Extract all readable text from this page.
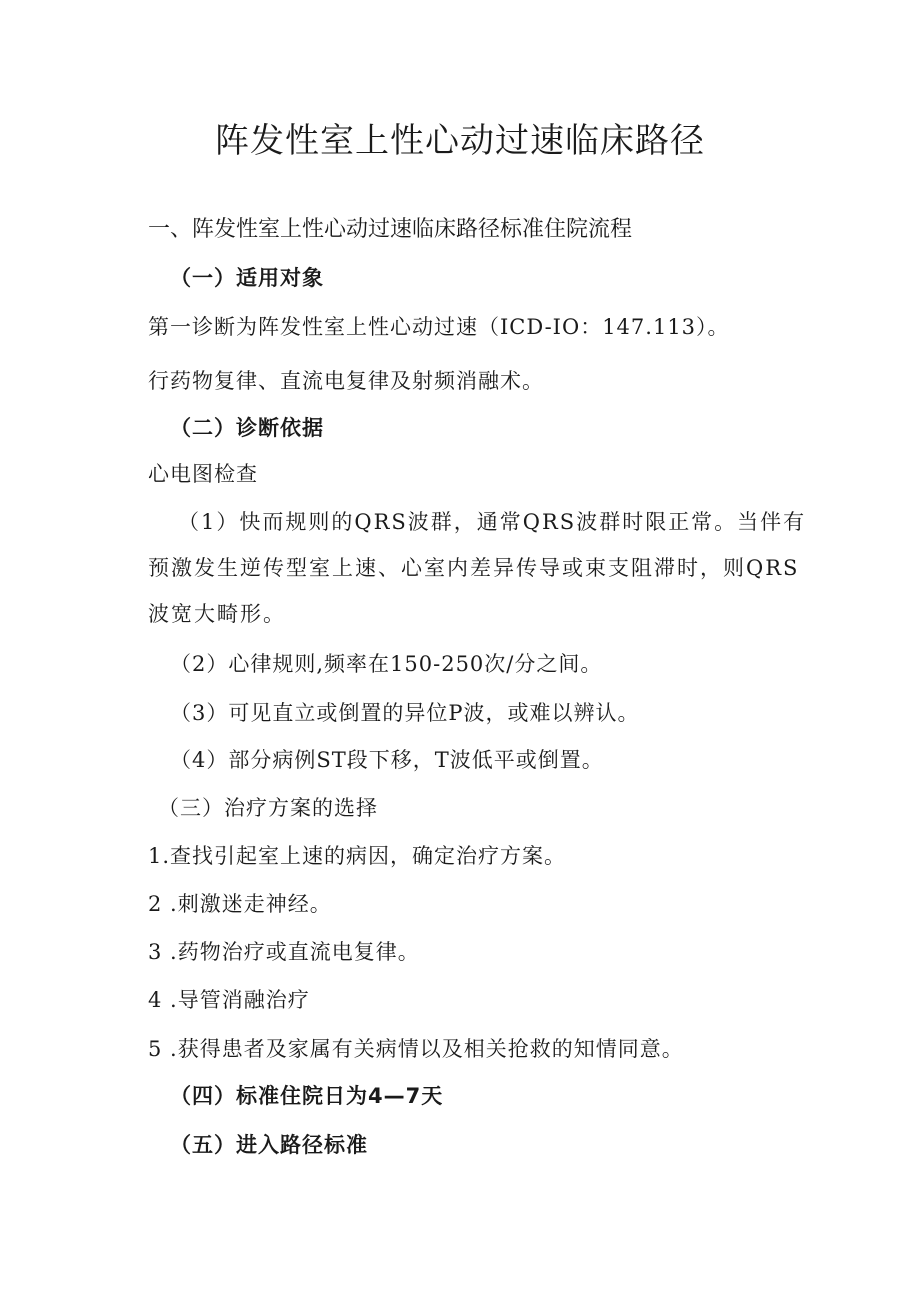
阵发性室上性心动过速临床路径
一、阵发性室上性心动过速临床路径标准住院流程
（一）适用对象
第一诊断为阵发性室上性心动过速（ICD-IO：147.113）。
行药物复律、直流电复律及射频消融术。
（二）诊断依据
心电图检查

（1）快而规则的QRS波群，通常QRS波群时限正常。当伴有预激发生逆传型室上速、心室内差异传导或束支阻滞时，则QRS波宽大畸形。

（2）心律规则,频率在150-250次/分之间。
（3）可见直立或倒置的异位P波，或难以辨认。
（4）部分病例ST段下移，T波低平或倒置。
（三）治疗方案的选择
1.查找引起室上速的病因，确定治疗方案。
2 .刺激迷走神经。
3 .药物治疗或直流电复律。
4 .导管消融治疗
5 .获得患者及家属有关病情以及相关抢救的知情同意。
（四）标准住院日为4—7天
（五）进入路径标准
